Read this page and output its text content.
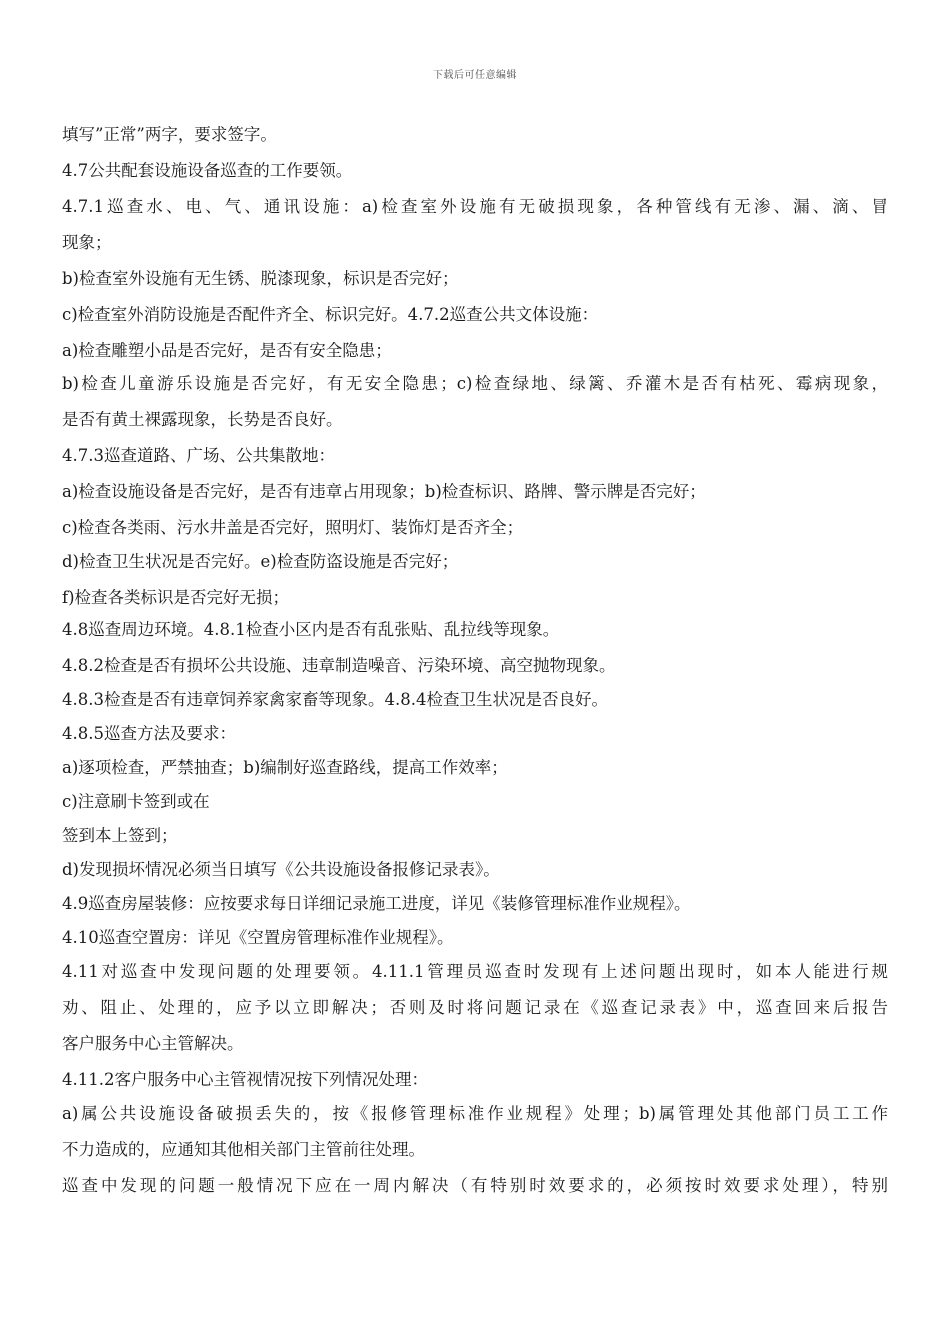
下载后可任意编辑
填写”正常”两字，要求签字。
4.7公共配套设施设备巡查的工作要领。
4.7.1巡查水、电、气、通讯设施：a)检查室外设施有无破损现象，各种管线有无渗、漏、滴、冒
现象；
b)检查室外设施有无生锈、脱漆现象，标识是否完好；
c)检查室外消防设施是否配件齐全、标识完好。4.7.2巡查公共文体设施：
a)检查雕塑小品是否完好，是否有安全隐患；
b)检查儿童游乐设施是否完好，有无安全隐患；c)检查绿地、绿篱、乔灌木是否有枯死、霉病现象，
是否有黄土裸露现象，长势是否良好。
4.7.3巡查道路、广场、公共集散地：
a)检查设施设备是否完好，是否有违章占用现象；b)检查标识、路牌、警示牌是否完好；
c)检查各类雨、污水井盖是否完好，照明灯、装饰灯是否齐全；
d)检查卫生状况是否完好。e)检查防盗设施是否完好；
f)检查各类标识是否完好无损；
4.8巡查周边环境。4.8.1检查小区内是否有乱张贴、乱拉线等现象。
4.8.2检查是否有损坏公共设施、违章制造噪音、污染环境、高空抛物现象。
4.8.3检查是否有违章饲养家禽家畜等现象。4.8.4检查卫生状况是否良好。
4.8.5巡查方法及要求：
a)逐项检查，严禁抽查；b)编制好巡查路线，提高工作效率；
c)注意刷卡签到或在
签到本上签到；
d)发现损坏情况必须当日填写《公共设施设备报修记录表》。
4.9巡查房屋装修：应按要求每日详细记录施工进度，详见《装修管理标准作业规程》。
4.10巡查空置房：详见《空置房管理标准作业规程》。
4.11对巡查中发现问题的处理要领。4.11.1管理员巡查时发现有上述问题出现时，如本人能进行规
劝、阻止、处理的，应予以立即解决；否则及时将问题记录在《巡查记录表》中，巡查回来后报告
客户服务中心主管解决。
4.11.2客户服务中心主管视情况按下列情况处理：
a)属公共设施设备破损丢失的，按《报修管理标准作业规程》处理；b)属管理处其他部门员工工作
不力造成的，应通知其他相关部门主管前往处理。
巡查中发现的问题一般情况下应在一周内解决（有特别时效要求的，必须按时效要求处理），特别
